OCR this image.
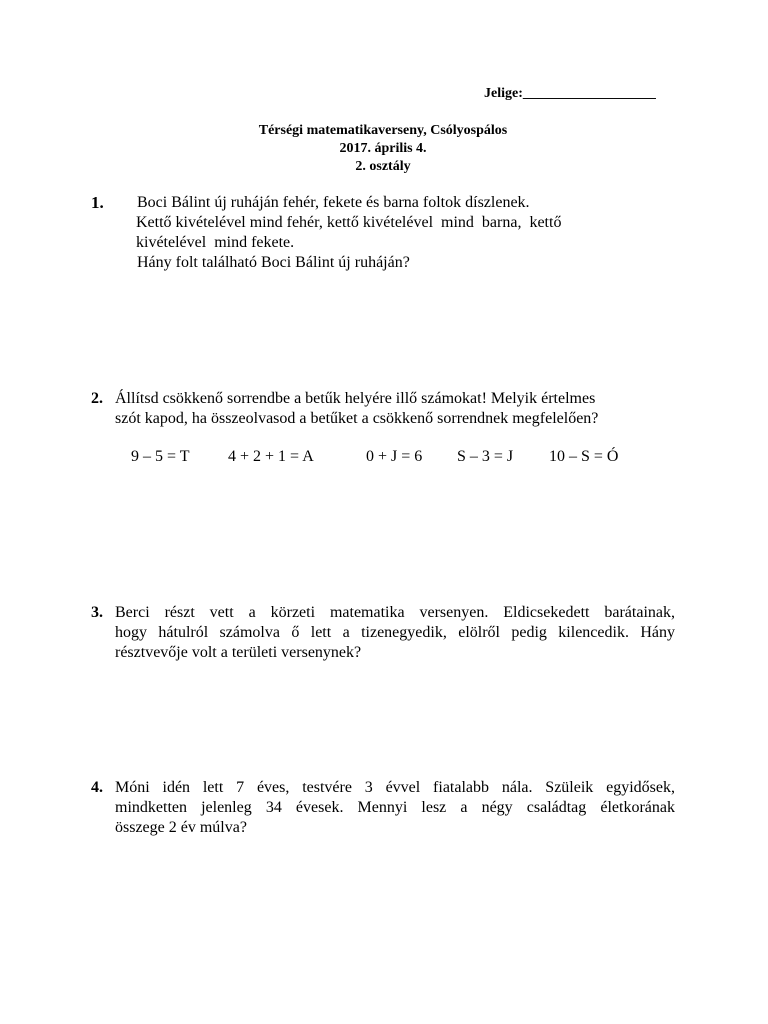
Jelige:___________________
Térségi matematikaverseny, Csólyospálos
2017. április 4.
2. osztály
1. Boci Bálint új ruháján fehér, fekete és barna foltok díszlenek.
Kettő kivételével mind fehér, kettő kivételével  mind  barna,  kettő
kivételével  mind fekete.
Hány folt található Boci Bálint új ruháján?
2. Állítsd csökkenő sorrendbe a betűk helyére illő számokat! Melyik értelmes
szót kapod, ha összeolvasod a betűket a csökkenő sorrendnek megfelelően?
9 – 5 = T 4 + 2 + 1 = A	0 + J = 6 S – 3 = J 10 – S = Ó
3. Berci részt vett a körzeti matematika versenyen. Eldicsekedett barátainak,
hogy hátulról számolva ő lett a tizenegyedik, elölről pedig kilencedik. Hány
résztvevője volt a területi versenynek?
4. Móni idén lett 7 éves, testvére 3 évvel fiatalabb nála. Szüleik egyidősek,
mindketten jelenleg 34 évesek. Mennyi lesz a négy családtag életkorának
összege 2 év múlva?
